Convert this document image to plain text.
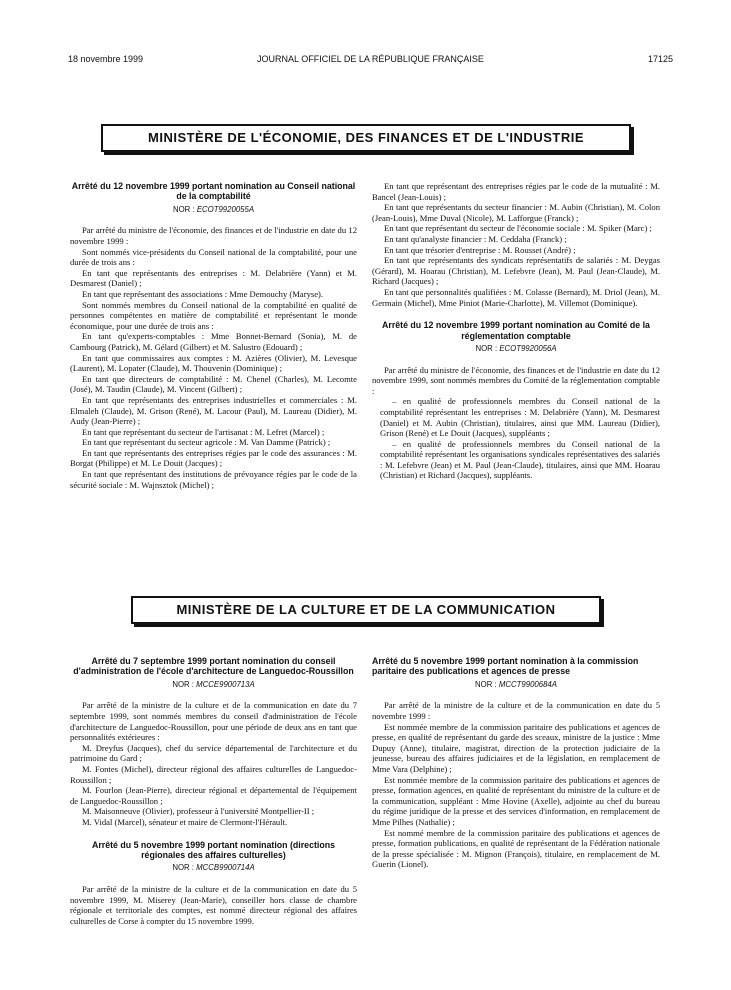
18 novembre 1999	JOURNAL OFFICIEL DE LA RÉPUBLIQUE FRANÇAISE	17125
MINISTÈRE DE L'ÉCONOMIE, DES FINANCES ET DE L'INDUSTRIE
Arrêté du 12 novembre 1999 portant nomination au Conseil national de la comptabilité
NOR : ECOT9920055A

Par arrêté du ministre de l'économie, des finances et de l'industrie en date du 12 novembre 1999 :

Sont nommés vice-présidents du Conseil national de la comptabilité, pour une durée de trois ans :

En tant que représentants des entreprises : M. Delabrière (Yann) et M. Desmarest (Daniel) ;

En tant que représentant des associations : Mme Demouchy (Maryse).

Sont nommés membres du Conseil national de la comptabilité en qualité de personnes compétentes en matière de comptabilité et représentant le monde économique, pour une durée de trois ans :

En tant qu'experts-comptables : Mme Bonnet-Bernard (Sonia), M. de Cambourg (Patrick), M. Gélard (Gilbert) et M. Salustro (Edouard) ;

En tant que commissaires aux comptes : M. Azières (Olivier), M. Levesque (Laurent), M. Lopater (Claude), M. Thouvenin (Dominique) ;

En tant que directeurs de comptabilité : M. Chenel (Charles), M. Lecomte (José), M. Taudin (Claude), M. Vincent (Gilbert) ;

En tant que représentants des entreprises industrielles et commerciales : M. Elmaleh (Claude), M. Grison (René), M. Lacour (Paul), M. Laureau (Didier), M. Audy (Jean-Pierre) ;

En tant que représentant du secteur de l'artisanat : M. Lefret (Marcel) ;

En tant que représentant du secteur agricole : M. Van Damme (Patrick) ;

En tant que représentants des entreprises régies par le code des assurances : M. Borgat (Philippe) et M. Le Douit (Jacques) ;

En tant que représentant des institutions de prévoyance régies par le code de la sécurité sociale : M. Wajnsztok (Michel) ;

En tant que représentant des entreprises régies par le code de la mutualité : M. Bancel (Jean-Louis) ;

En tant que représentants du secteur financier : M. Aubin (Christian), M. Colon (Jean-Louis), Mme Duval (Nicole), M. Lafforgue (Franck) ;

En tant que représentant du secteur de l'économie sociale : M. Spiker (Marc) ;

En tant qu'analyste financier : M. Ceddaha (Franck) ;

En tant que trésorier d'entreprise : M. Rousset (André) ;

En tant que représentants des syndicats représentatifs de salariés : M. Deygas (Gérard), M. Hoarau (Christian), M. Lefebvre (Jean), M. Paul (Jean-Claude), M. Richard (Jacques) ;

En tant que personnalités qualifiées : M. Colasse (Bernard), M. Driol (Jean), M. Germain (Michel), Mme Piniot (Marie-Charlotte), M. Villemot (Dominique).

Arrêté du 12 novembre 1999 portant nomination au Comité de la réglementation comptable
NOR : ECOT9920056A

Par arrêté du ministre de l'économie, des finances et de l'industrie en date du 12 novembre 1999, sont nommés membres du Comité de la réglementation comptable :

– en qualité de professionnels membres du Conseil national de la comptabilité représentant les entreprises : M. Delabrière (Yann), M. Desmarest (Daniel) et M. Aubin (Christian), titulaires, ainsi que MM. Laureau (Didier), Grison (René) et Le Douit (Jacques), suppléants ;

– en qualité de professionnels membres du Conseil national de la comptabilité représentant les organisations syndicales représentatives des salariés : M. Lefebvre (Jean) et M. Paul (Jean-Claude), titulaires, ainsi que MM. Hoarau (Christian) et Richard (Jacques), suppléants.

MINISTÈRE DE LA CULTURE ET DE LA COMMUNICATION
Arrêté du 7 septembre 1999 portant nomination du conseil d'administration de l'école d'architecture de Languedoc-Roussillon
NOR : MCCE9900713A

Par arrêté de la ministre de la culture et de la communication en date du 7 septembre 1999, sont nommés membres du conseil d'administration de l'école d'architecture de Languedoc-Roussillon, pour une période de deux ans en tant que personnalités extérieures :

M. Dreyfus (Jacques), chef du service départemental de l'architecture et du patrimoine du Gard ;

M. Fontes (Michel), directeur régional des affaires culturelles de Languedoc-Roussillon ;

M. Fourlon (Jean-Pierre), directeur régional et départemental de l'équipement de Languedoc-Roussillon ;

M. Maisonneuve (Olivier), professeur à l'université Montpellier-II ;

M. Vidal (Marcel), sénateur et maire de Clermont-l'Hérault.

Arrêté du 5 novembre 1999 portant nomination (directions régionales des affaires culturelles)
NOR : MCCB9900714A

Par arrêté de la ministre de la culture et de la communication en date du 5 novembre 1999, M. Miserey (Jean-Marie), conseiller hors classe de chambre régionale et territoriale des comptes, est nommé directeur régional des affaires culturelles de Corse à compter du 15 novembre 1999.

Arrêté du 5 novembre 1999 portant nomination à la commission paritaire des publications et agences de presse
NOR : MCCT9900684A

Par arrêté de la ministre de la culture et de la communication en date du 5 novembre 1999 :

Est nommée membre de la commission paritaire des publications et agences de presse, en qualité de représentant du garde des sceaux, ministre de la justice : Mme Dupuy (Anne), titulaire, magistrat, direction de la protection judiciaire de la jeunesse, bureau des affaires judiciaires et de la législation, en remplacement de Mme Vara (Delphine) ;

Est nommée membre de la commission paritaire des publications et agences de presse, formation agences, en qualité de représentant du ministre de la culture et de la communication, suppléant : Mme Hovine (Axelle), adjointe au chef du bureau du régime juridique de la presse et des services d'information, en remplacement de Mme Pilhes (Nathalie) ;

Est nommé membre de la commission paritaire des publications et agences de presse, formation publications, en qualité de représentant de la Fédération nationale de la presse spécialisée : M. Mignon (François), titulaire, en remplacement de M. Guerin (Lionel).
